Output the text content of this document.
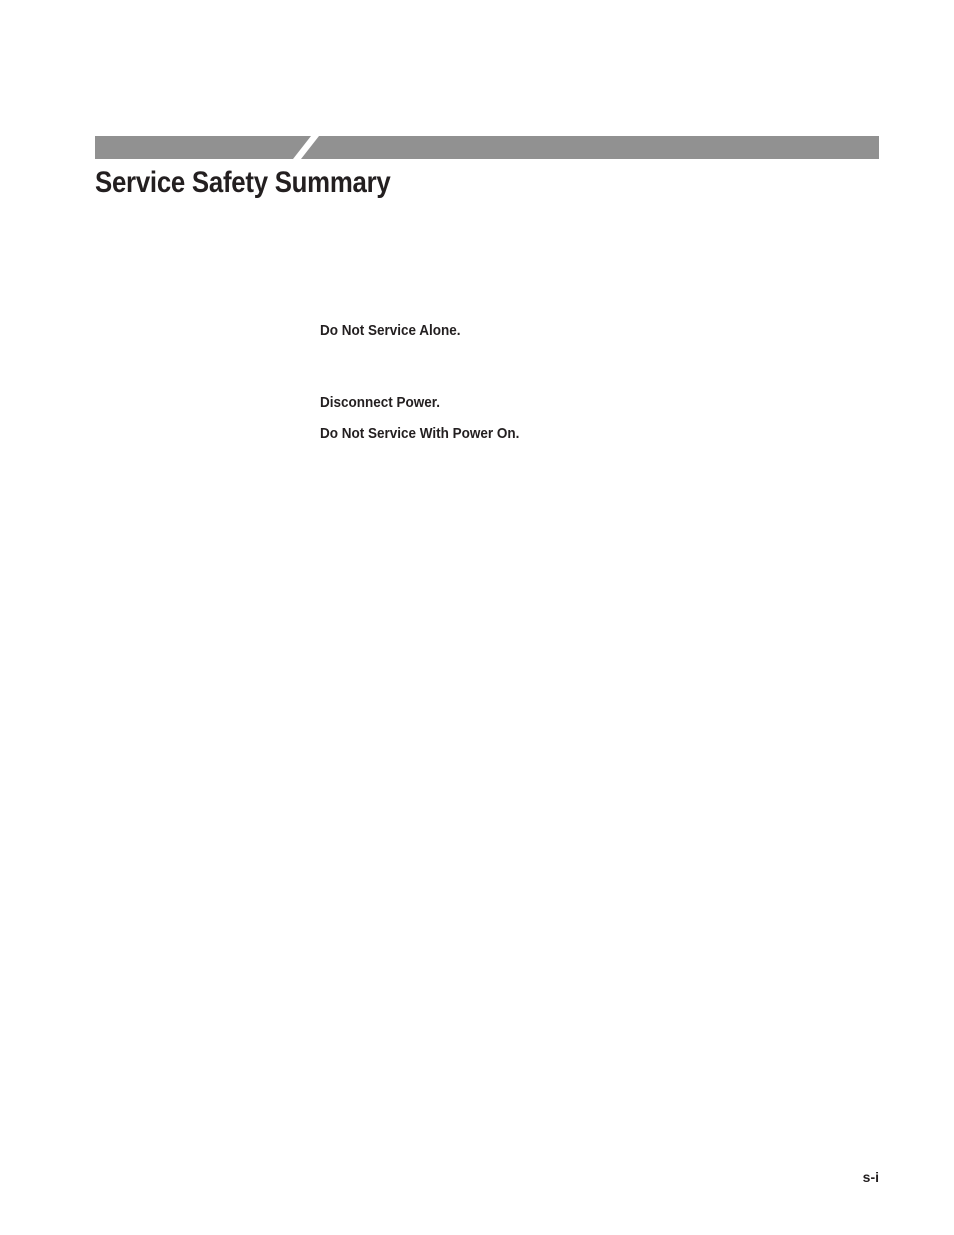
Service Safety Summary
Do Not Service Alone.
Disconnect Power.
Do Not Service With Power On.
s-i
